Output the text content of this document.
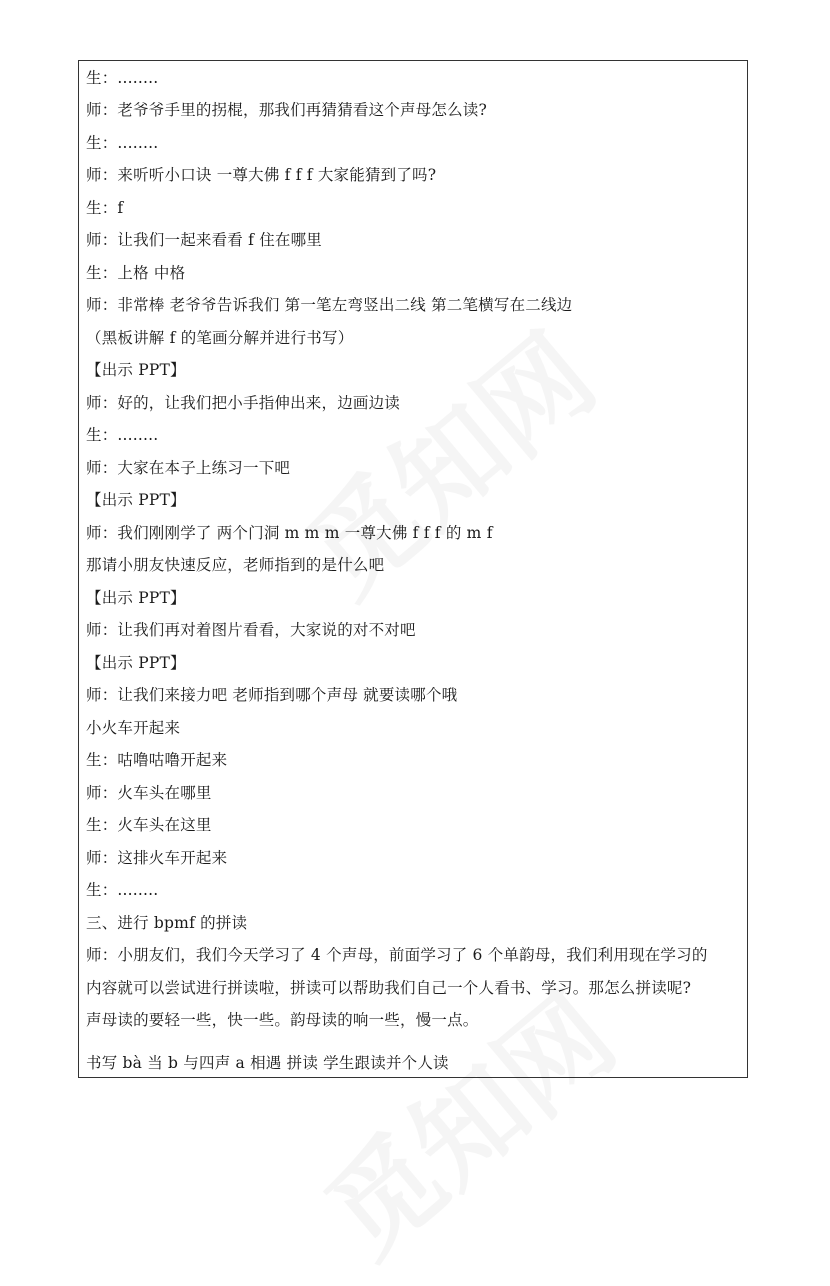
生：........
师：老爷爷手里的拐棍，那我们再猜猜看这个声母怎么读?
生：........
师：来听听小口诀 一尊大佛 f f f 大家能猜到了吗?
生：f
师：让我们一起来看看 f 住在哪里
生：上格 中格
师：非常棒 老爷爷告诉我们 第一笔左弯竖出二线 第二笔横写在二线边
（黑板讲解 f 的笔画分解并进行书写）
【出示 PPT】
师：好的，让我们把小手指伸出来，边画边读
生：........
师：大家在本子上练习一下吧
【出示 PPT】
师：我们刚刚学了 两个门洞 m m m 一尊大佛 f f f 的 m f
那请小朋友快速反应，老师指到的是什么吧
【出示 PPT】
师：让我们再对着图片看看，大家说的对不对吧
【出示 PPT】
师：让我们来接力吧 老师指到哪个声母 就要读哪个哦
小火车开起来
生：咕噜咕噜开起来
师：火车头在哪里
生：火车头在这里
师：这排火车开起来
生：........
三、进行 bpmf 的拼读
师：小朋友们，我们今天学习了 4 个声母，前面学习了 6 个单韵母，我们利用现在学习的
内容就可以尝试进行拼读啦，拼读可以帮助我们自己一个人看书、学习。那怎么拼读呢?
声母读的要轻一些，快一些。韵母读的响一些，慢一点。
书写 bà 当 b 与四声 a 相遇 拼读 学生跟读并个人读
